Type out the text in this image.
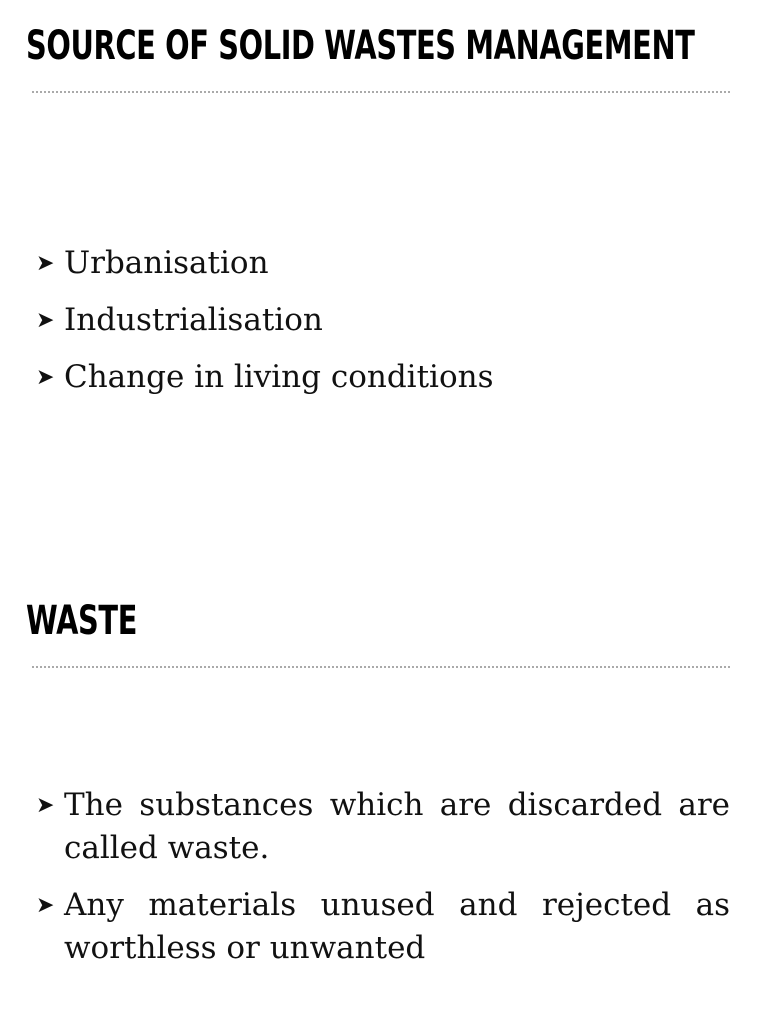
SOURCE OF SOLID WASTES MANAGEMENT
➤ Urbanisation
➤ Industrialisation
➤ Change in living conditions
WASTE
➤ The substances which are discarded are called waste.
➤ Any materials unused and rejected as worthless or unwanted
